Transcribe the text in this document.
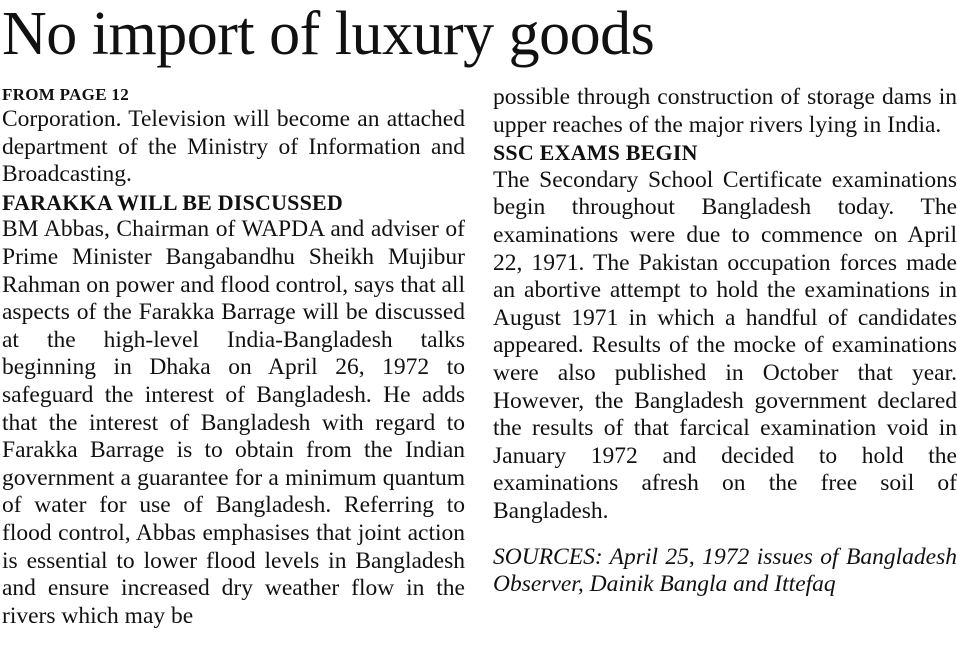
No import of luxury goods
FROM PAGE 12

Corporation. Television will become an attached department of the Ministry of Information and Broadcasting.

FARAKKA WILL BE DISCUSSED

BM Abbas, Chairman of WAPDA and adviser of Prime Minister Bangabandhu Sheikh Mujibur Rahman on power and flood control, says that all aspects of the Farakka Barrage will be discussed at the high-level India-Bangladesh talks beginning in Dhaka on April 26, 1972 to safeguard the interest of Bangladesh. He adds that the interest of Bangladesh with regard to Farakka Barrage is to obtain from the Indian government a guarantee for a minimum quantum of water for use of Bangladesh. Referring to flood control, Abbas emphasises that joint action is essential to lower flood levels in Bangladesh and ensure increased dry weather flow in the rivers which may be

possible through construction of storage dams in upper reaches of the major rivers lying in India.

SSC EXAMS BEGIN

The Secondary School Certificate examinations begin throughout Bangladesh today. The examinations were due to commence on April 22, 1971. The Pakistan occupation forces made an abortive attempt to hold the examinations in August 1971 in which a handful of candidates appeared. Results of the mocke of examinations were also published in October that year. However, the Bangladesh government declared the results of that farcical examination void in January 1972 and decided to hold the examinations afresh on the free soil of Bangladesh.

SOURCES: April 25, 1972 issues of Bangladesh Observer, Dainik Bangla and Ittefaq
